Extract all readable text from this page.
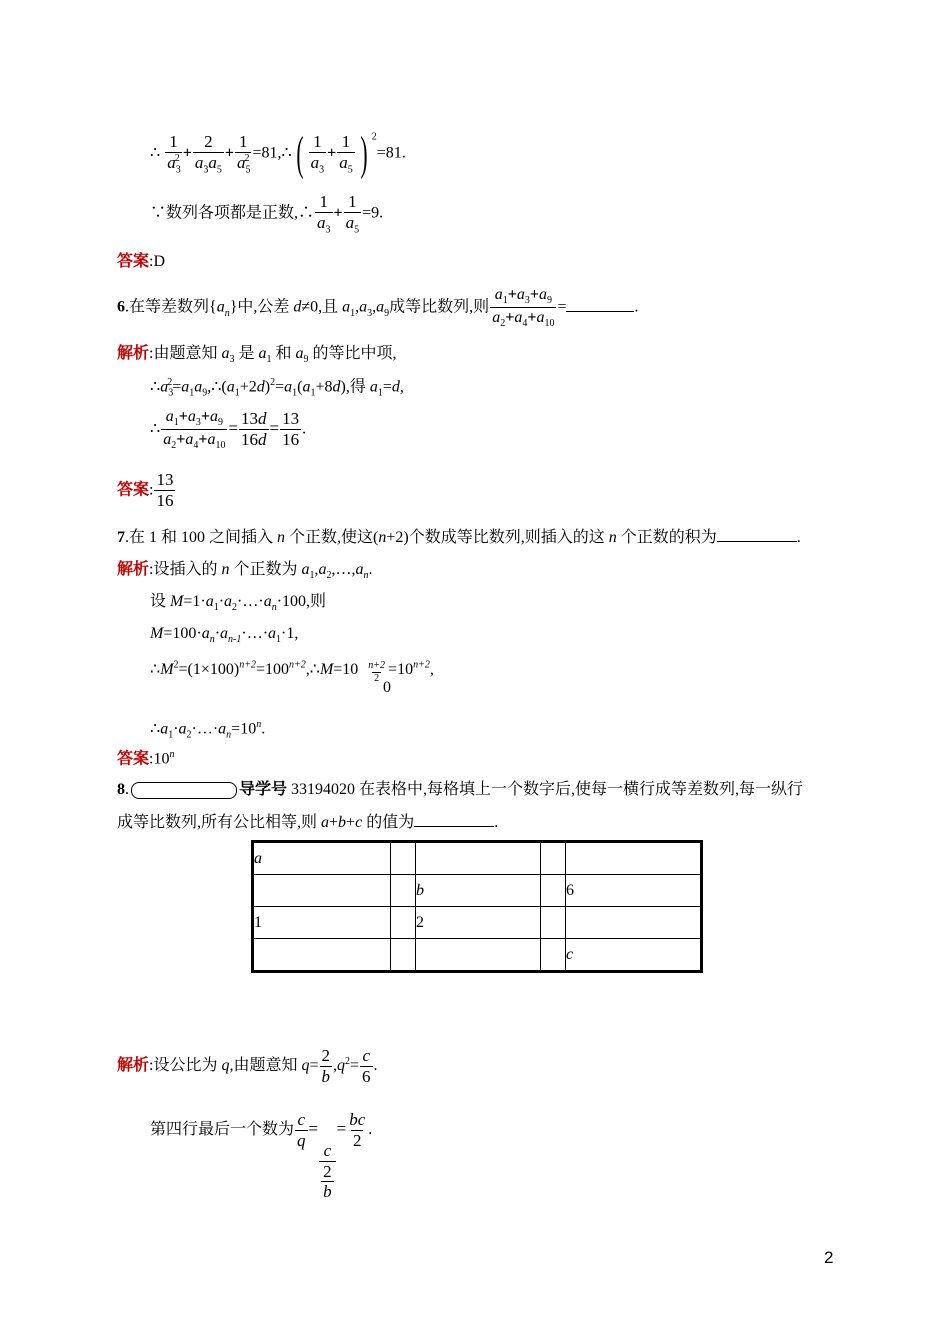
∴ $\frac{1}{a_3^2} + \frac{2}{a_3a_5} + \frac{1}{a_5^2}$ =81,∴( $\frac{1}{a_3} + \frac{1}{a_5}$ ) $^2$=81.
∵数列各项都是正数,∴ $\frac{1}{a_3} + \frac{1}{a_5} =9$.
答案:D
6.在等差数列$\{a_n\}$中,公差 d≠0,且 $a_1,a_3,a_9$成等比数列,则 $\frac{a_1+a_3+a_9}{a_2+a_4+a_{10}}$ =	.
解析:由题意知 $a_3$ 是 $a_1$ 和 $a_9$ 的等比中项,
$\therefore a_3^2=a_1a_9,\therefore(a_1+2d)^2=a_1(a_1+8d)$,得 $a_1=d$,
∴ $\frac{a_1+a_3+a_9}{a_2+a_4+a_{10}} = \frac{13d}{16d} = \frac{13}{16}$ .
答案: $\frac{13}{16}$
7.在 1 和 100 之间插入 n 个正数,使这(n+2)个数成等比数列,则插入的这 n 个正数的积为	.
解析:设插入的 n 个正数为 $a_1,a_2,\dots,a_n$.
设 $M=1\cdot a_1\cdot a_2\cdot\dots\cdot a_n\cdot 100$,则
$M=100\cdot a_n\cdot a_{n-1}\cdot\dots\cdot a_1\cdot 1$,
$\therefore M^2=(1\times 100)^{n+2}=100^{n+2},\therefore M=10 \frac{n+2}{2} =10^{n+2}$,
0
$\therefore a_1\cdot a_2\cdot\dots\cdot a_n=10^n$.
答案:10$^n$
8.	导学号 33194020 在表格中,每格填上一个数字后,使每一横行成等差数列,每一纵行
成等比数列,所有公比相等,则 a+b+c 的值为	.
a				
		b		6
1		2		
				c
解析:设公比为 q,由题意知 $q= \frac{2}{b} ,q^2= \frac{c}{6}$ .
第四行最后一个数为 $\frac{c}{q}$ =
$\frac{c}{\frac{2}{b}}$
= $\frac{bc}{2}$ .
2
